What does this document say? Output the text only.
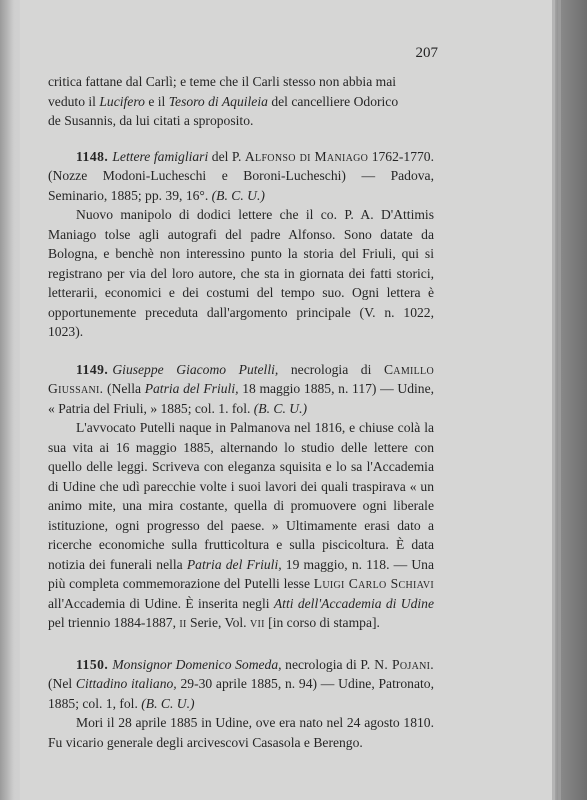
207

critica fattane dal Carlì; e teme che il Carli stesso non abbia mai

veduto il Lucifero e il Tesoro di Aquileia del cancelliere Odorico

de Susannis, da lui citati a sproposito.

1148. Lettere famigliari del P. Alfonso di Maniago 1762-1770. (Nozze Modoni-Lucheschi e Boroni-Lucheschi) — Padova, Seminario, 1885; pp. 39, 16°. (B. C. U.)

Nuovo manipolo di dodici lettere che il co. P. A. D'Attimis Maniago tolse agli autografi del padre Alfonso. Sono datate da Bologna, e benchè non interessino punto la storia del Friuli, qui si registrano per via del loro autore, che sta in giornata dei fatti storici, letterarii, economici e dei costumi del tempo suo. Ogni lettera è opportunemente preceduta dall'argomento principale (V. n. 1022, 1023).

1149. Giuseppe Giacomo Putelli, necrologia di Camillo Giussani. (Nella Patria del Friuli, 18 maggio 1885, n. 117) — Udine, « Patria del Friuli, » 1885; col. 1. fol. (B. C. U.)

L'avvocato Putelli naque in Palmanova nel 1816, e chiuse colà la sua vita ai 16 maggio 1885, alternando lo studio delle lettere con quello delle leggi. Scriveva con eleganza squisita e lo sa l'Accademia di Udine che udì parecchie volte i suoi lavori dei quali traspirava « un animo mite, una mira costante, quella di promuovere ogni liberale istituzione, ogni progresso del paese. » Ultimamente erasi dato a ricerche economiche sulla frutticoltura e sulla piscicoltura. È data notizia dei funerali nella Patria del Friuli, 19 maggio, n. 118. — Una più completa commemorazione del Putelli lesse Luigi Carlo Schiavi all'Accademia di Udine. È inserita negli Atti dell'Accademia di Udine pel triennio 1884-1887, ii Serie, Vol. vii [in corso di stampa].

1150. Monsignor Domenico Someda, necrologia di P. N. Pojani. (Nel Cittadino italiano, 29-30 aprile 1885, n. 94) — Udine, Patronato, 1885; col. 1, fol. (B. C. U.)

Mori il 28 aprile 1885 in Udine, ove era nato nel 24 agosto 1810. Fu vicario generale degli arcivescovi Casasola e Berengo.
